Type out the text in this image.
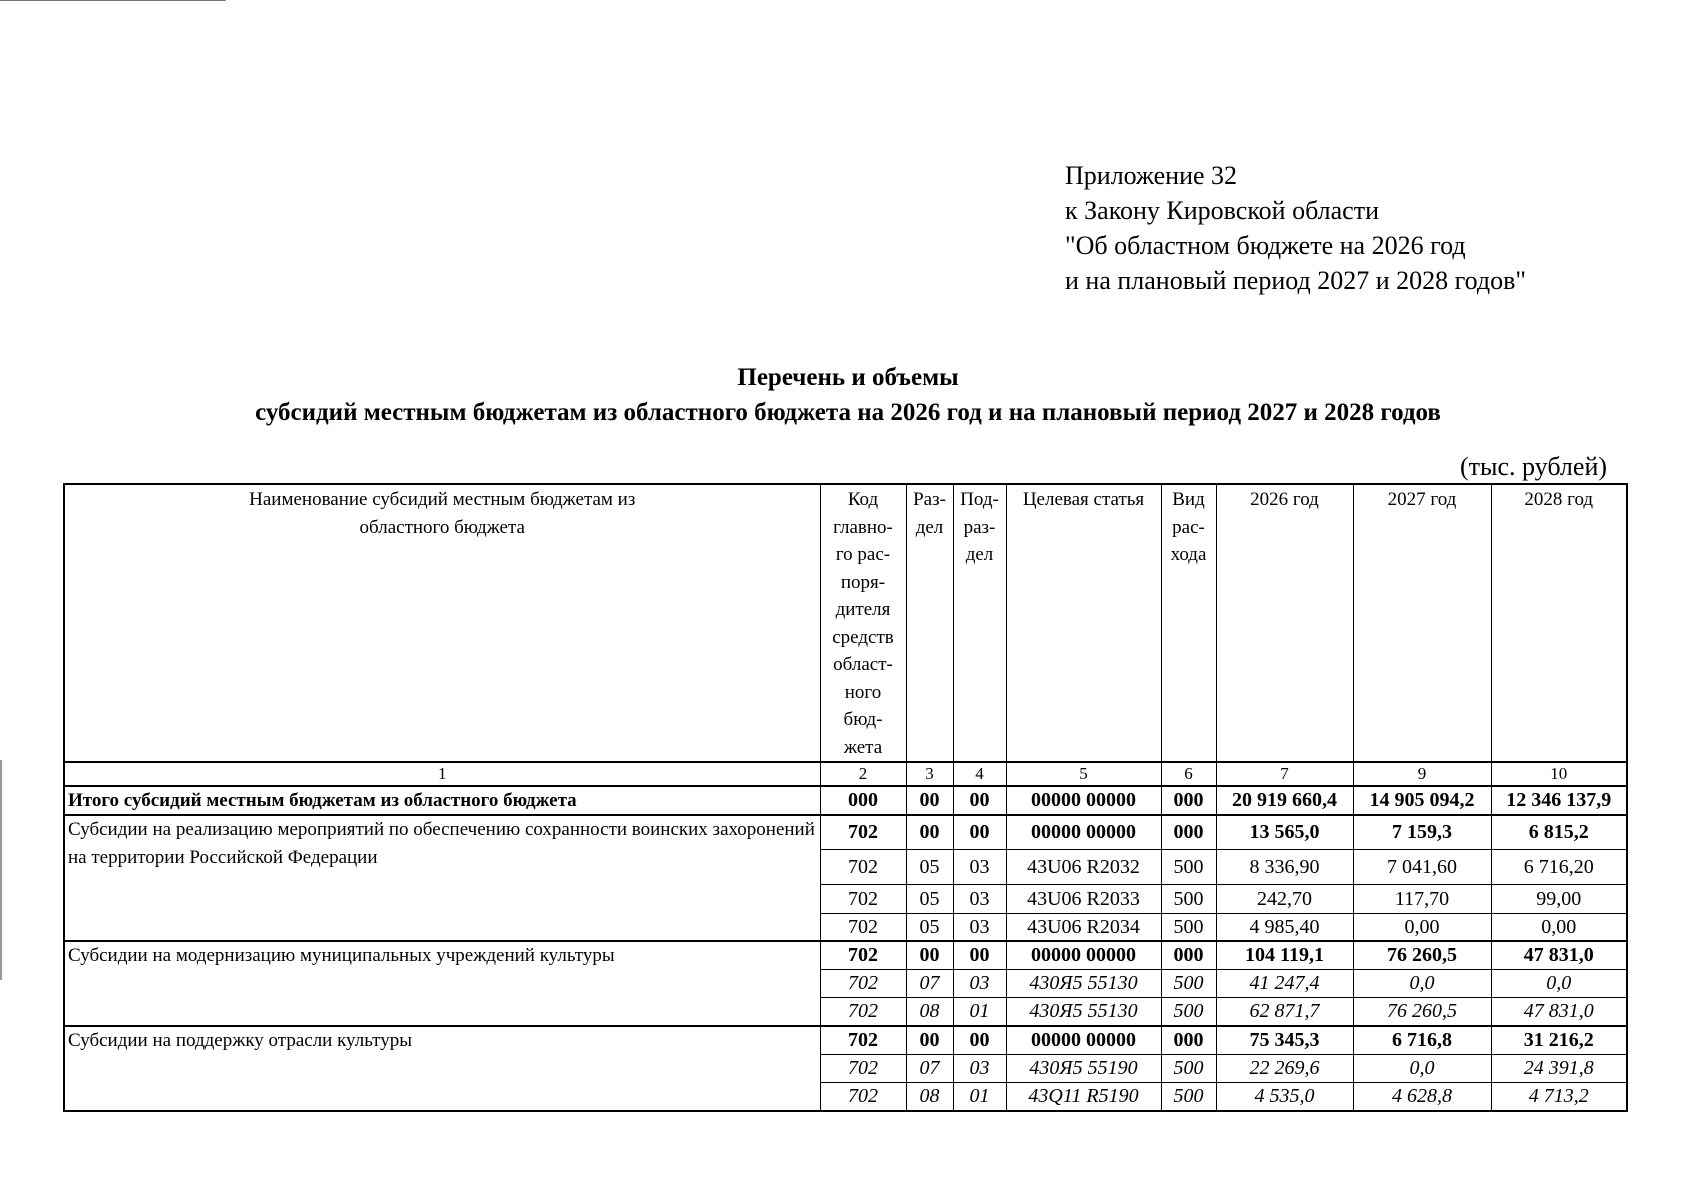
Приложение 32
к Закону Кировской области
"Об областном бюджете на 2026 год
и на плановый период 2027 и 2028 годов"
Перечень и объемы
субсидий местным бюджетам из областного бюджета на 2026 год и на плановый период 2027 и 2028 годов
(тыс. рублей)
Наименование субсидий местным бюджетам из областного бюджета	Код главно- го рас- поря- дителя средств област- ного бюд- жета	Раз- дел	Под- раз- дел	Целевая статья	Вид рас- хода	2026 год	2027 год	2028 год
1	2	3	4	5	6	7	9	10
Итого субсидий местным бюджетам из областного бюджета	000	00	00	00000 00000	000	20 919 660,4	14 905 094,2	12 346 137,9
Субсидии на реализацию мероприятий по обеспечению сохранности воинских захоронений на территории Российской Федерации	702	00	00	00000 00000	000	13 565,0	7 159,3	6 815,2
	702	05	03	43U06 R2032	500	8 336,90	7 041,60	6 716,20
	702	05	03	43U06 R2033	500	242,70	117,70	99,00
	702	05	03	43U06 R2034	500	4 985,40	0,00	0,00
Субсидии на модернизацию муниципальных учреждений культуры	702	00	00	00000 00000	000	104 119,1	76 260,5	47 831,0
	702	07	03	430Я5 55130	500	41 247,4	0,0	0,0
	702	08	01	430Я5 55130	500	62 871,7	76 260,5	47 831,0
Субсидии на поддержку отрасли культуры	702	00	00	00000 00000	000	75 345,3	6 716,8	31 216,2
	702	07	03	430Я5 55190	500	22 269,6	0,0	24 391,8
	702	08	01	43Q11 R5190	500	4 535,0	4 628,8	4 713,2
